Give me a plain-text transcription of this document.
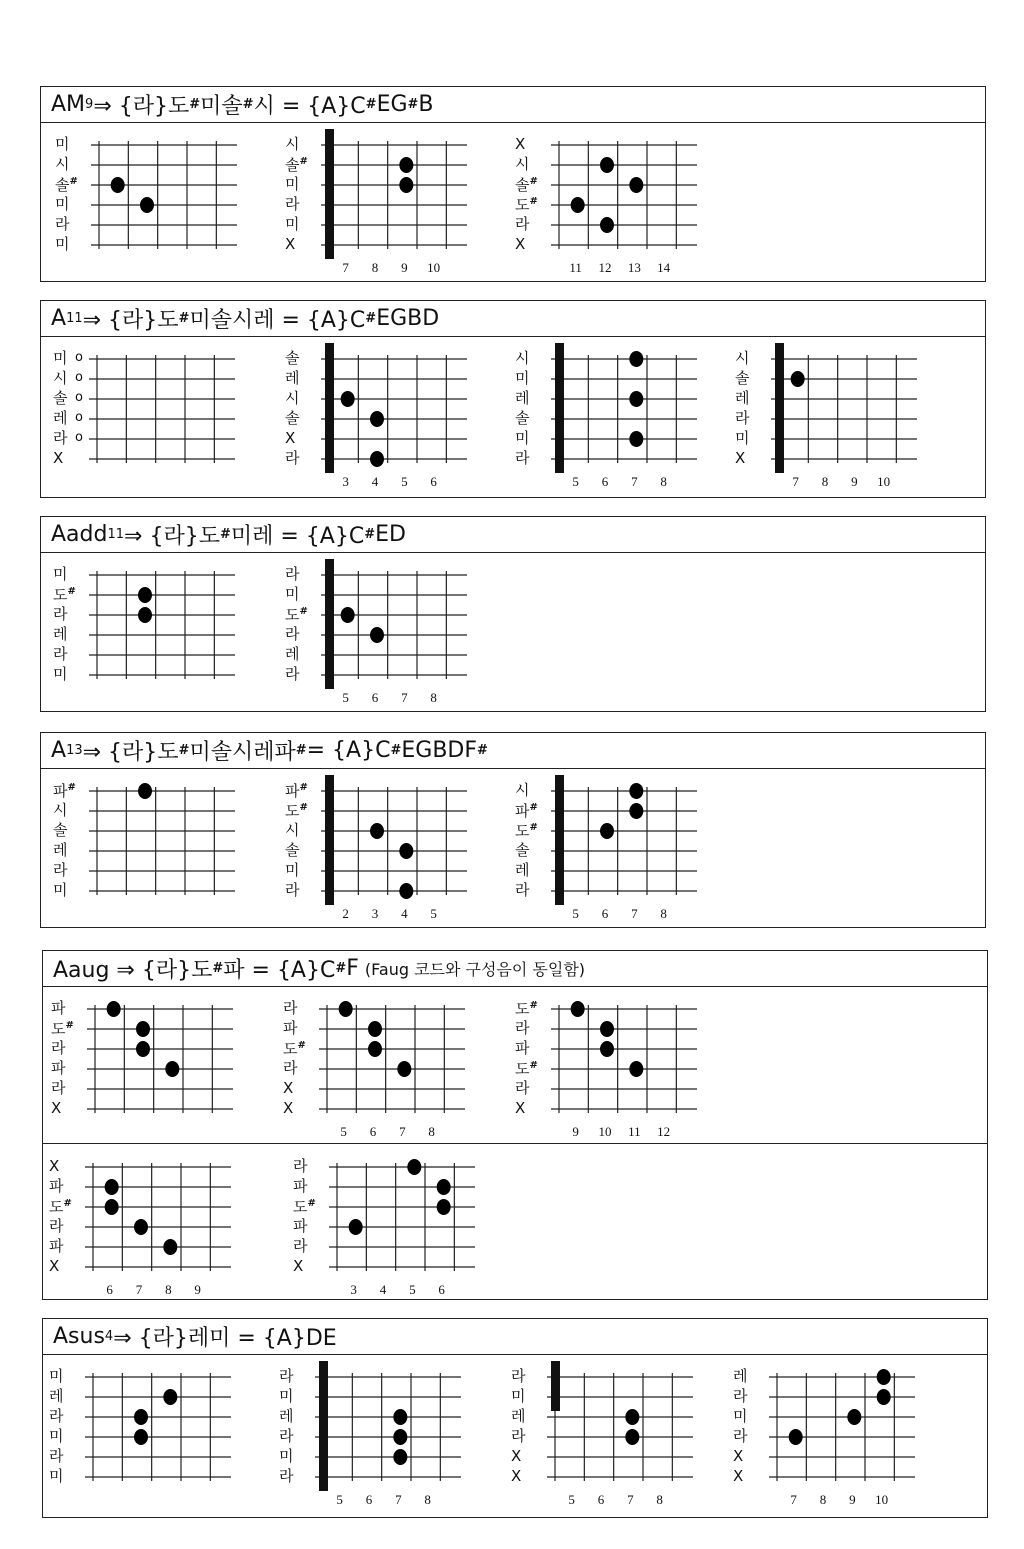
AM 9 ⇒ {라}도 # 미솔 # 시 = {A}C # EG # B
미
시
솔#
미
라
미
시
솔#
미
라
미
X
7	8	9	10
X
시
솔#
도#
라
X
11	12	13	14
A 11 ⇒ {라}도 # 미솔시레 = {A}C # EGBD
미
시
솔
레
라
X
o
o
o
o
o
솔
레
시
솔
X
라
3	4	5	6
시
미
레
솔
미
라
5	6	7	8
시
솔
레
라
미
X
7	8	9	10
Aadd 11 ⇒ {라}도 # 미레 = {A}C # ED
미
도#
라
레
라
미
라
미
도#
라
레
라
5	6	7	8
A 13 ⇒ {라}도 # 미솔시레파 # = {A}C # EGBDF #
파#
시
솔
레
라
미
파#
도#
시
솔
미
라
2	3	4	5
시
파#
도#
솔
레
라
5	6	7	8
Aaug ⇒ {라}도 # 파 = {A}C # F (Faug 코드와 구성음이 동일함)
파
도#
라
파
라
X
라
파
도#
라
X
X
5	6	7	8
도#
라
파
도#
라
X
9	10	11	12
X
파
도#
라
파
X
6	7	8	9
라
파
도#
파
라
X
3	4	5	6
Asus 4 ⇒ {라}레미 = {A}DE
미
레
라
미
라
미
라
미
레
라
미
라
5	6	7	8
라
미
레
라
X
X
5	6	7	8
레
라
미
라
X
X
7	8	9	10
